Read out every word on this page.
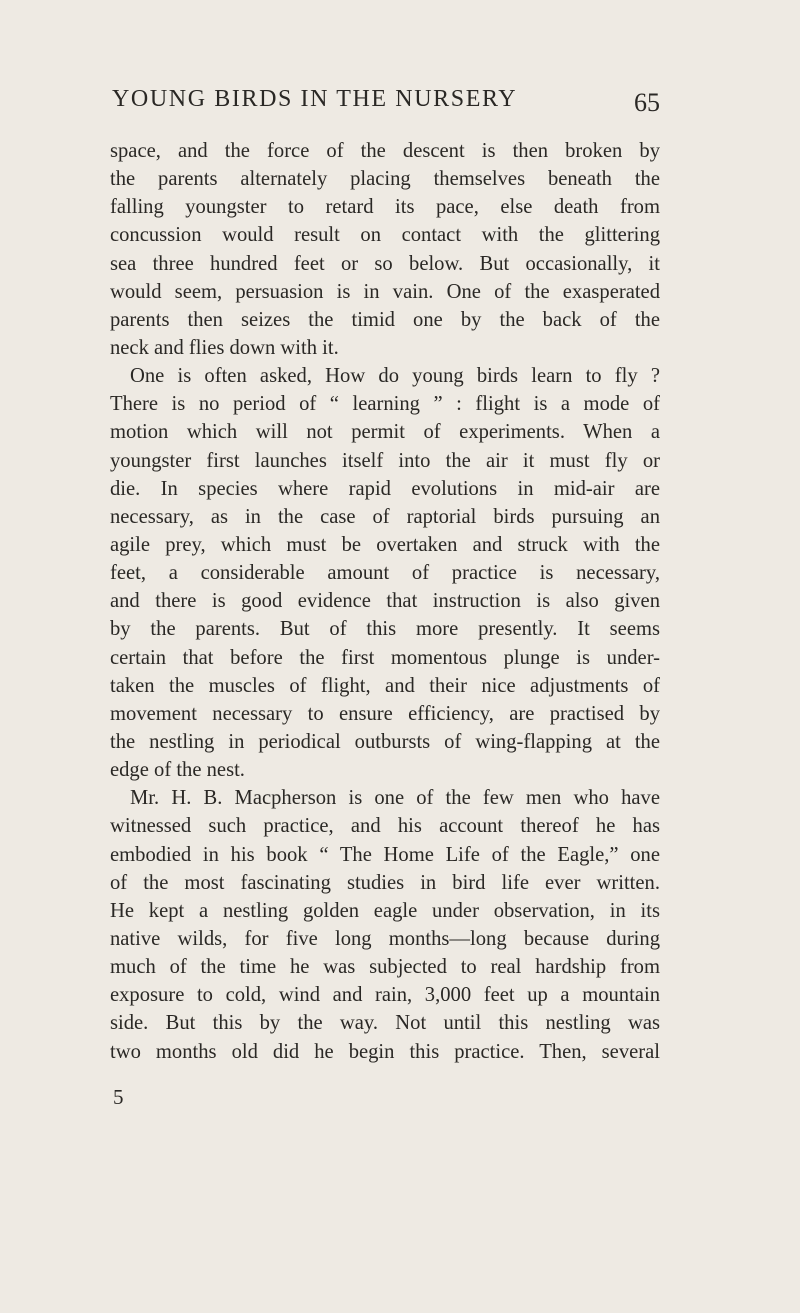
YOUNG BIRDS IN THE NURSERY	65
space, and the force of the descent is then broken by
the parents alternately placing themselves beneath the
falling youngster to retard its pace, else death from
concussion would result on contact with the glittering
sea three hundred feet or so below. But occasionally, it
would seem, persuasion is in vain. One of the exasperated
parents then seizes the timid one by the back of the
neck and flies down with it.
One is often asked, How do young birds learn to fly ?
There is no period of “ learning ” : flight is a mode of
motion which will not permit of experiments. When a
youngster first launches itself into the air it must fly or
die. In species where rapid evolutions in mid-air are
necessary, as in the case of raptorial birds pursuing an
agile prey, which must be overtaken and struck with the
feet, a considerable amount of practice is necessary,
and there is good evidence that instruction is also given
by the parents. But of this more presently. It seems
certain that before the first momentous plunge is under-
taken the muscles of flight, and their nice adjustments of
movement necessary to ensure efficiency, are practised by
the nestling in periodical outbursts of wing-flapping at the
edge of the nest.
Mr. H. B. Macpherson is one of the few men who have
witnessed such practice, and his account thereof he has
embodied in his book “ The Home Life of the Eagle,” one
of the most fascinating studies in bird life ever written.
He kept a nestling golden eagle under observation, in its
native wilds, for five long months—long because during
much of the time he was subjected to real hardship from
exposure to cold, wind and rain, 3,000 feet up a mountain
side. But this by the way. Not until this nestling was
two months old did he begin this practice. Then, several
5
